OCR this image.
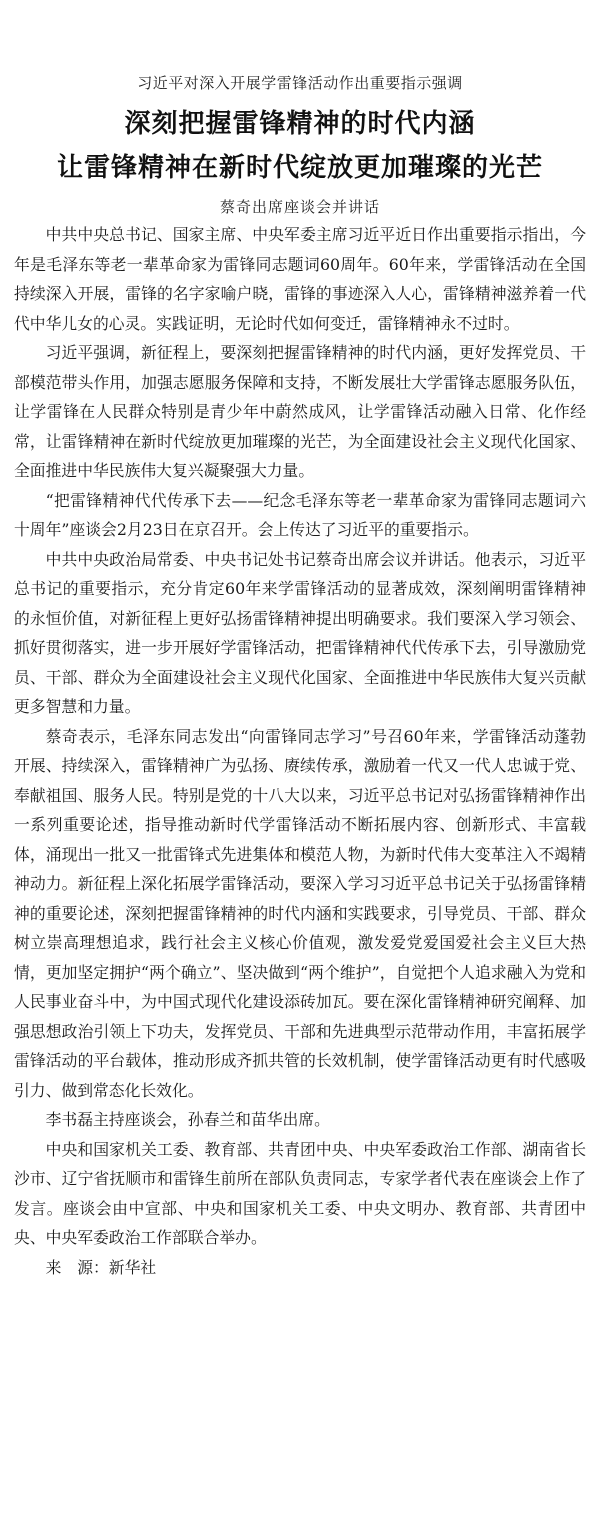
习近平对深入开展学雷锋活动作出重要指示强调

深刻把握雷锋精神的时代内涵
让雷锋精神在新时代绽放更加璀璨的光芒

蔡奇出席座谈会并讲话

中共中央总书记、国家主席、中央军委主席习近平近日作出重要指示指出，今年是毛泽东等老一辈革命家为雷锋同志题词60周年。60年来，学雷锋活动在全国持续深入开展，雷锋的名字家喻户晓，雷锋的事迹深入人心，雷锋精神滋养着一代代中华儿女的心灵。实践证明，无论时代如何变迁，雷锋精神永不过时。

习近平强调，新征程上，要深刻把握雷锋精神的时代内涵，更好发挥党员、干部模范带头作用，加强志愿服务保障和支持，不断发展壮大学雷锋志愿服务队伍，让学雷锋在人民群众特别是青少年中蔚然成风，让学雷锋活动融入日常、化作经常，让雷锋精神在新时代绽放更加璀璨的光芒，为全面建设社会主义现代化国家、全面推进中华民族伟大复兴凝聚强大力量。

“把雷锋精神代代传承下去——纪念毛泽东等老一辈革命家为雷锋同志题词六十周年”座谈会2月23日在京召开。会上传达了习近平的重要指示。

中共中央政治局常委、中央书记处书记蔡奇出席会议并讲话。他表示，习近平总书记的重要指示，充分肯定60年来学雷锋活动的显著成效，深刻阐明雷锋精神的永恒价值，对新征程上更好弘扬雷锋精神提出明确要求。我们要深入学习领会、抓好贯彻落实，进一步开展好学雷锋活动，把雷锋精神代代传承下去，引导激励党员、干部、群众为全面建设社会主义现代化国家、全面推进中华民族伟大复兴贡献更多智慧和力量。

蔡奇表示，毛泽东同志发出“向雷锋同志学习”号召60年来，学雷锋活动蓬勃开展、持续深入，雷锋精神广为弘扬、赓续传承，激励着一代又一代人忠诚于党、奉献祖国、服务人民。特别是党的十八大以来，习近平总书记对弘扬雷锋精神作出一系列重要论述，指导推动新时代学雷锋活动不断拓展内容、创新形式、丰富载体，涌现出一批又一批雷锋式先进集体和模范人物，为新时代伟大变革注入不竭精神动力。新征程上深化拓展学雷锋活动，要深入学习习近平总书记关于弘扬雷锋精神的重要论述，深刻把握雷锋精神的时代内涵和实践要求，引导党员、干部、群众树立崇高理想追求，践行社会主义核心价值观，激发爱党爱国爱社会主义巨大热情，更加坚定拥护“两个确立”、坚决做到“两个维护”，自觉把个人追求融入为党和人民事业奋斗中，为中国式现代化建设添砖加瓦。要在深化雷锋精神研究阐释、加强思想政治引领上下功夫，发挥党员、干部和先进典型示范带动作用，丰富拓展学雷锋活动的平台载体，推动形成齐抓共管的长效机制，使学雷锋活动更有时代感吸引力、做到常态化长效化。

李书磊主持座谈会，孙春兰和苗华出席。

中央和国家机关工委、教育部、共青团中央、中央军委政治工作部、湖南省长沙市、辽宁省抚顺市和雷锋生前所在部队负责同志，专家学者代表在座谈会上作了发言。座谈会由中宣部、中央和国家机关工委、中央文明办、教育部、共青团中央、中央军委政治工作部联合举办。

来　源：新华社
